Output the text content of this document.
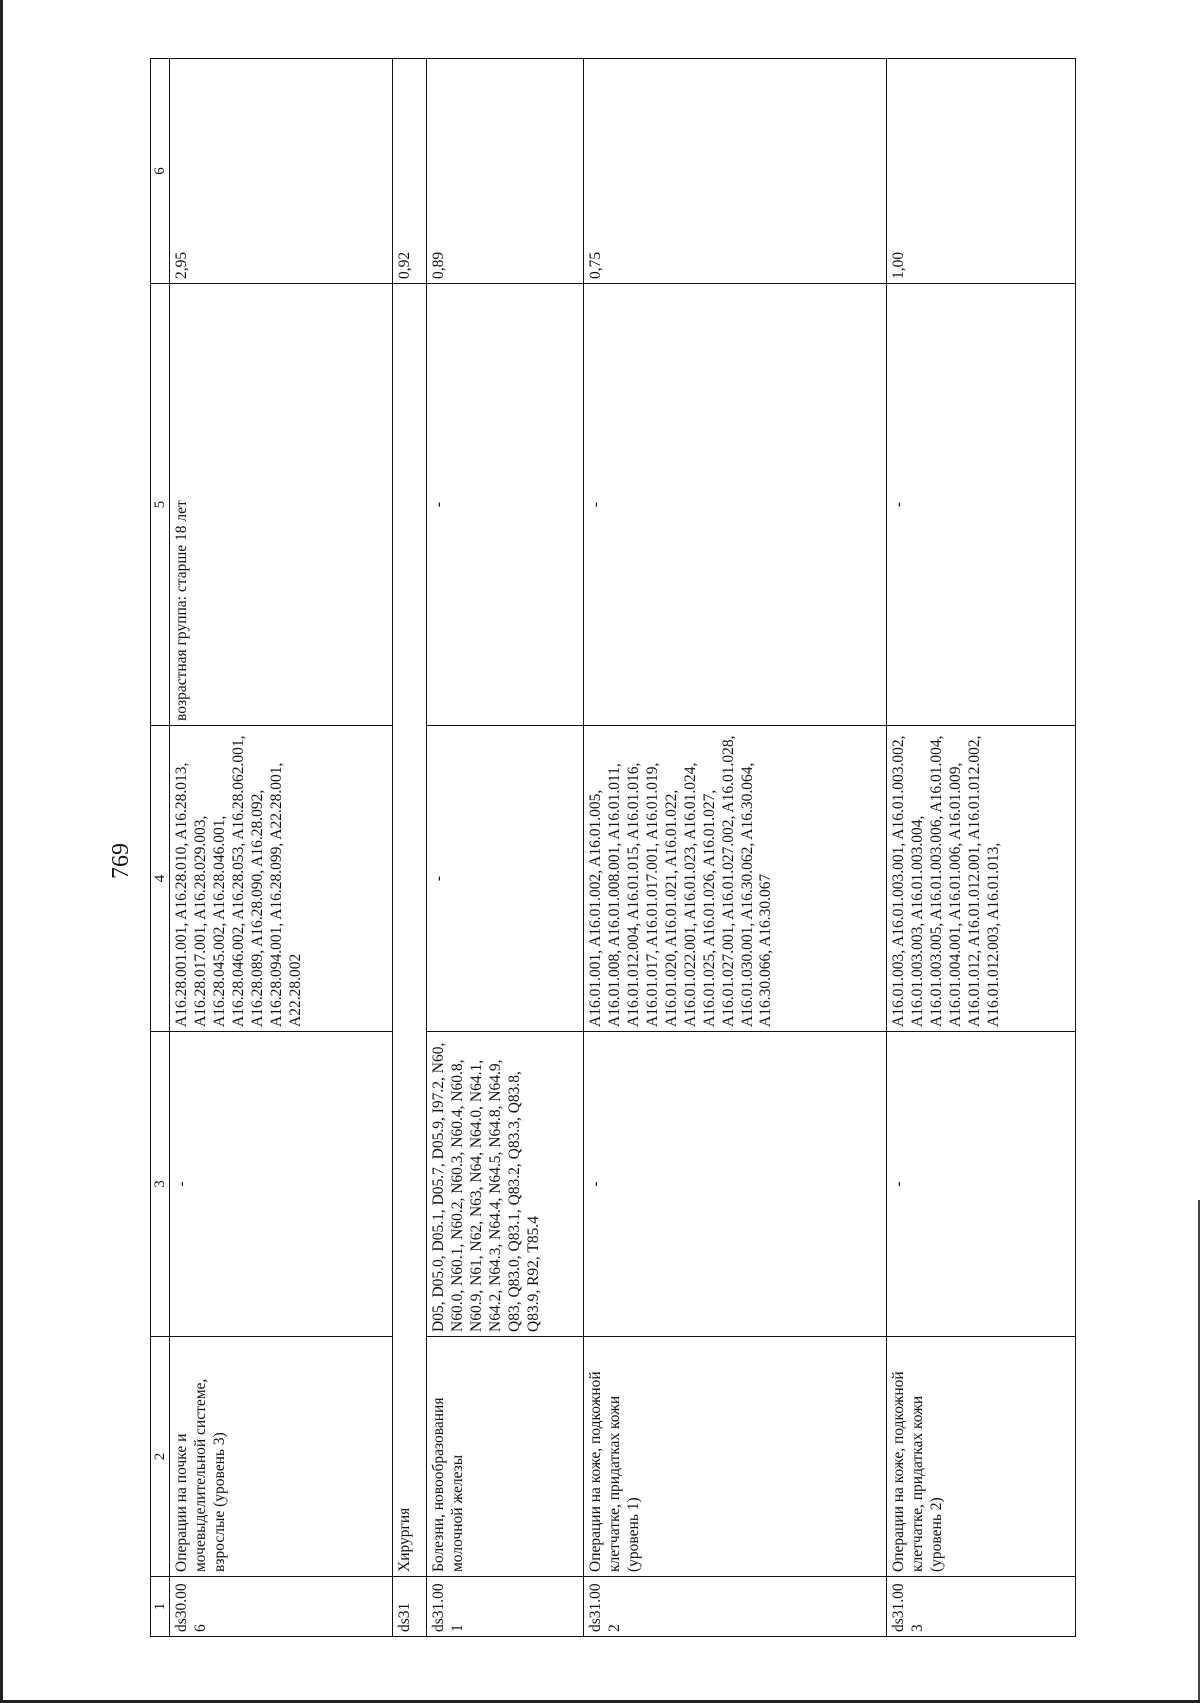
769
1	2	3	4	5	6
ds30.006	Операции на почке и мочевыделительной системе, взрослые (уровень 3)	-	A16.28.001.001, A16.28.010, A16.28.013, A16.28.017.001, A16.28.029.003, A16.28.045.002, A16.28.046.001, A16.28.046.002, A16.28.053, A16.28.062.001, A16.28.089, A16.28.090, A16.28.092, A16.28.094.001, A16.28.099, A22.28.001, A22.28.002	возрастная группа: старше 18 лет	2,95
ds31	Хирургия				0,92
ds31.001	Болезни, новообразования молочной железы	D05, D05.0, D05.1, D05.7, D05.9, I97.2, N60, N60.0, N60.1, N60.2, N60.3, N60.4, N60.8, N60.9, N61, N62, N63, N64, N64.0, N64.1, N64.2, N64.3, N64.4, N64.5, N64.8, N64.9, Q83, Q83.0, Q83.1, Q83.2, Q83.3, Q83.8, Q83.9, R92, T85.4	-	-	0,89
ds31.002	Операции на коже, подкожной клетчатке, придатках кожи (уровень 1)	-	A16.01.001, A16.01.002, A16.01.005, A16.01.008, A16.01.008.001, A16.01.011, A16.01.012.004, A16.01.015, A16.01.016, A16.01.017, A16.01.017.001, A16.01.019, A16.01.020, A16.01.021, A16.01.022, A16.01.022.001, A16.01.023, A16.01.024, A16.01.025, A16.01.026, A16.01.027, A16.01.027.001, A16.01.027.002, A16.01.028, A16.01.030.001, A16.30.062, A16.30.064, A16.30.066, A16.30.067	-	0,75
ds31.003	Операции на коже, подкожной клетчатке, придатках кожи (уровень 2)	-	A16.01.003, A16.01.003.001, A16.01.003.002, A16.01.003.003, A16.01.003.004, A16.01.003.005, A16.01.003.006, A16.01.004, A16.01.004.001, A16.01.006, A16.01.009, A16.01.012, A16.01.012.001, A16.01.012.002, A16.01.012.003, A16.01.013,	-	1,00
